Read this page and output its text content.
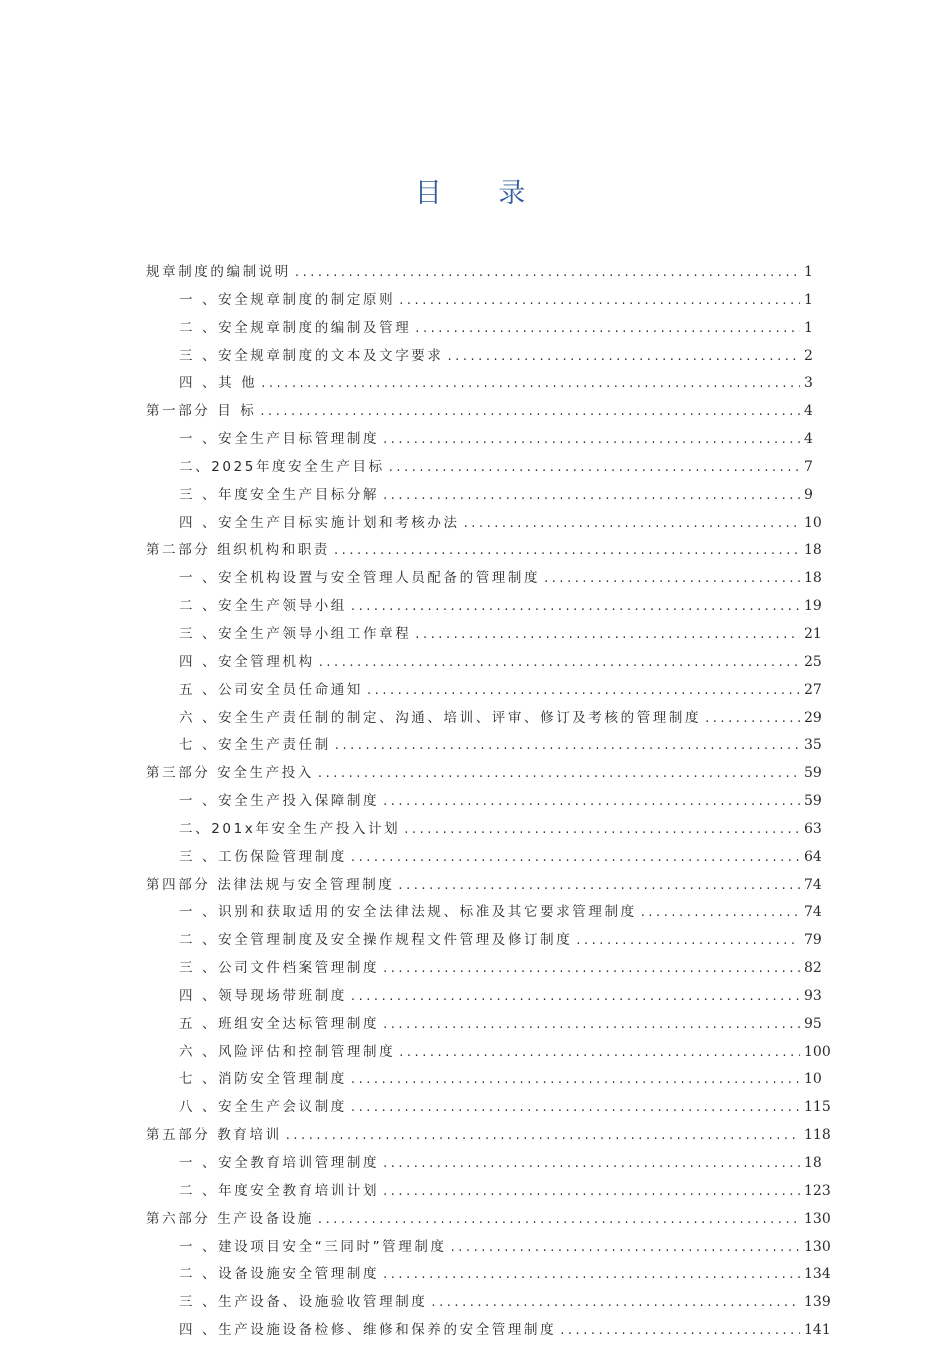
目 录
规章制度的编制说明 . . .	1
一 、安全规章制度的制定原则 . . .	1
二 、安全规章制度的编制及管理 . . .	1
三 、安全规章制度的文本及文字要求 . . .	2
四 、其 他 . . .	3
第一部分 目 标 . . .	4
一 、安全生产目标管理制度 . . .	4
二、2025年度安全生产目标 . . .	7
三 、年度安全生产目标分解 . . .	9
四 、安全生产目标实施计划和考核办法 . . .	10
第二部分 组织机构和职责 . . .	18
一 、安全机构设置与安全管理人员配备的管理制度 . . .	18
二 、安全生产领导小组 . . .	19
三 、安全生产领导小组工作章程 . . .	21
四 、安全管理机构 . . .	25
五 、公司安全员任命通知 . . .	27
六 、安全生产责任制的制定、沟通、培训、评审、修订及考核的管理制度 . . .	29
七 、安全生产责任制 . . .	35
第三部分 安全生产投入 . . .	59
一 、安全生产投入保障制度 . . .	59
二、201x年安全生产投入计划 . . .	63
三 、工伤保险管理制度 . . .	64
第四部分 法律法规与安全管理制度 . . .	74
一 、识别和获取适用的安全法律法规、标准及其它要求管理制度 . . .	74
二 、安全管理制度及安全操作规程文件管理及修订制度 . . .	79
三 、公司文件档案管理制度 . . .	82
四 、领导现场带班制度 . . .	93
五 、班组安全达标管理制度 . . .	95
六 、风险评估和控制管理制度 . . .	100
七 、消防安全管理制度 . . .	10
八 、安全生产会议制度 . . .	115
第五部分 教育培训 . . .	118
一 、安全教育培训管理制度 . . .	18
二 、年度安全教育培训计划 . . .	123
第六部分 生产设备设施 . . .	130
一 、建设项目安全“三同时”管理制度 . . .	130
二 、设备设施安全管理制度 . . .	134
三 、生产设备、设施验收管理制度 . . .	139
四 、生产设施设备检修、维修和保养的安全管理制度 . . .	141
